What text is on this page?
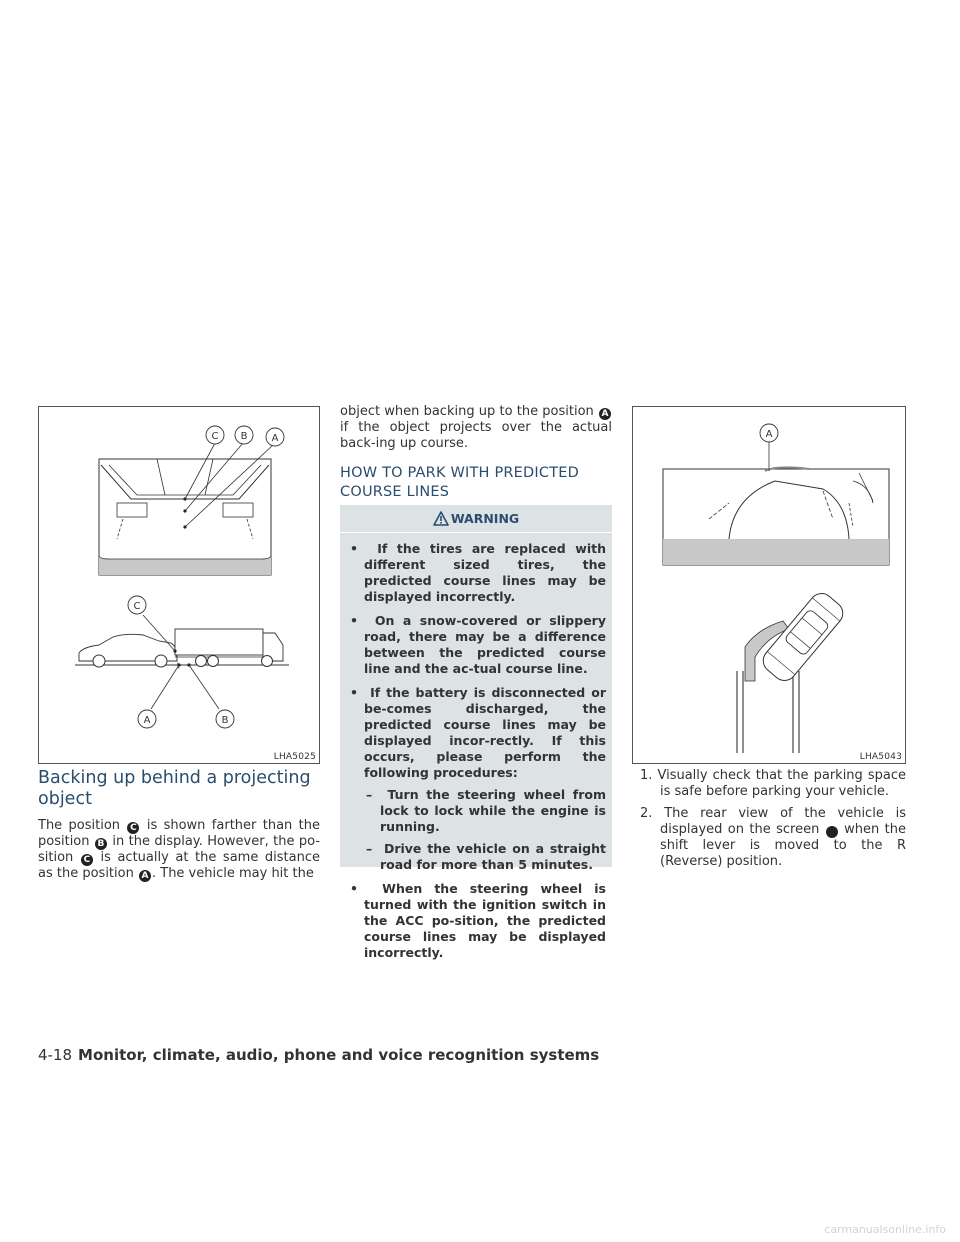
C B A
C
A	B
LHA5025
Backing up behind a projecting object

The position C is shown farther than the position B in the display. However, the po-sition C is actually at the same distance as the position A . The vehicle may hit the

object when backing up to the position A if the object projects over the actual back-ing up course.

HOW TO PARK WITH PREDICTED COURSE LINES
WARNING
• If the tires are replaced with different sized tires, the predicted course lines may be displayed incorrectly.
• On a snow-covered or slippery road, there may be a difference between the predicted course line and the ac-tual course line.
• If the battery is disconnected or be-comes discharged, the predicted course lines may be displayed incor-rectly. If this occurs, please perform the following procedures:
– Turn the steering wheel from lock to lock while the engine is running.
– Drive the vehicle on a straight road for more than 5 minutes.
• When the steering wheel is turned with the ignition switch in the ACC po-sition, the predicted course lines may be displayed incorrectly.
A
LHA5043
1. Visually check that the parking space is safe before parking your vehicle.
2. The rear view of the vehicle is displayed on the screen A when the shift lever is moved to the R (Reverse) position.
4-18 Monitor, climate, audio, phone and voice recognition systems
carmanualsonline.info
